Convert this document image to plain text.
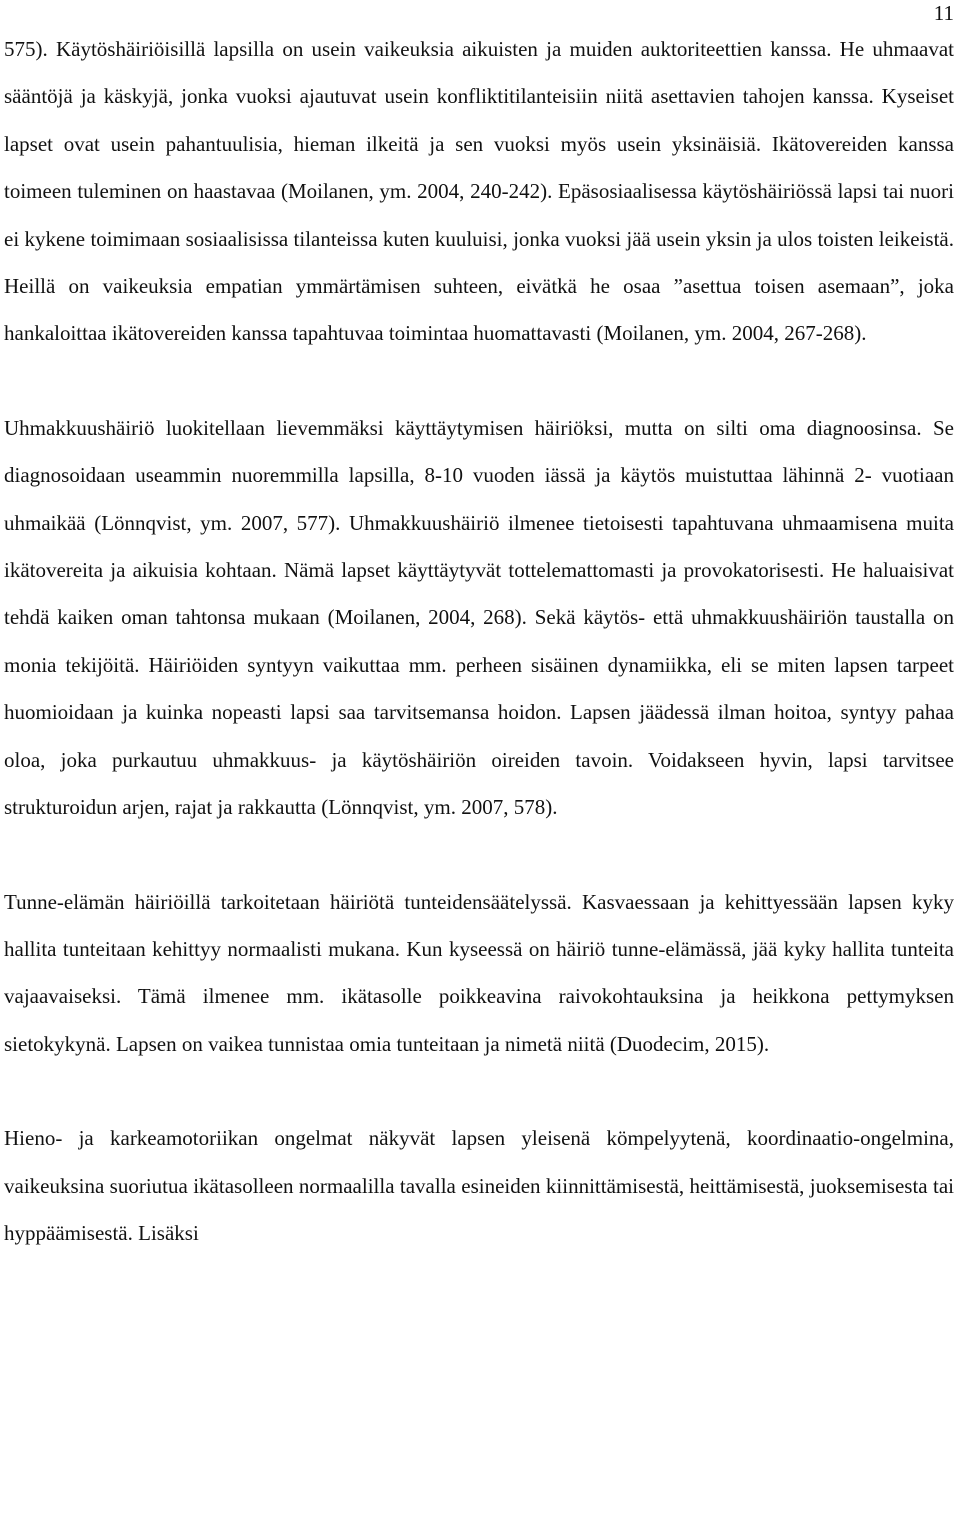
11

575). Käytöshäiriöisillä lapsilla on usein vaikeuksia aikuisten ja muiden auktoriteettien kanssa. He uhmaavat sääntöjä ja käskyjä, jonka vuoksi ajautuvat usein konfliktitilanteisiin niitä asettavien tahojen kanssa. Kyseiset lapset ovat usein pahantuulisia, hieman ilkeitä ja sen vuoksi myös usein yksinäisiä. Ikätovereiden kanssa toimeen tuleminen on haastavaa (Moilanen, ym. 2004, 240-242). Epäsosiaalisessa käytöshäiriössä lapsi tai nuori ei kykene toimimaan sosiaalisissa tilanteissa kuten kuuluisi, jonka vuoksi jää usein yksin ja ulos toisten leikeistä. Heillä on vaikeuksia empatian ymmärtämisen suhteen, eivätkä he osaa ”asettua toisen asemaan”, joka hankaloittaa ikätovereiden kanssa tapahtuvaa toimintaa huomattavasti (Moilanen, ym. 2004, 267-268).

Uhmakkuushäiriö luokitellaan lievemmäksi käyttäytymisen häiriöksi, mutta on silti oma diagnoosinsa. Se diagnosoidaan useammin nuoremmilla lapsilla, 8-10 vuoden iässä ja käytös muistuttaa lähinnä 2- vuotiaan uhmaikää (Lönnqvist, ym. 2007, 577). Uhmakkuushäiriö ilmenee tietoisesti tapahtuvana uhmaamisena muita ikätovereita ja aikuisia kohtaan. Nämä lapset käyttäytyvät tottelemattomasti ja provokatorisesti. He haluaisivat tehdä kaiken oman tahtonsa mukaan (Moilanen, 2004, 268). Sekä käytös- että uhmakkuushäiriön taustalla on monia tekijöitä. Häiriöiden syntyyn vaikuttaa mm. perheen sisäinen dynamiikka, eli se miten lapsen tarpeet huomioidaan ja kuinka nopeasti lapsi saa tarvitsemansa hoidon. Lapsen jäädessä ilman hoitoa, syntyy pahaa oloa, joka purkautuu uhmakkuus- ja käytöshäiriön oireiden tavoin. Voidakseen hyvin, lapsi tarvitsee strukturoidun arjen, rajat ja rakkautta (Lönnqvist, ym. 2007, 578).

Tunne-elämän häiriöillä tarkoitetaan häiriötä tunteidensäätelyssä. Kasvaessaan ja kehittyessään lapsen kyky hallita tunteitaan kehittyy normaalisti mukana. Kun kyseessä on häiriö tunne-elämässä, jää kyky hallita tunteita vajaavaiseksi. Tämä ilmenee mm. ikätasolle poikkeavina raivokohtauksina ja heikkona pettymyksen sietokykynä. Lapsen on vaikea tunnistaa omia tunteitaan ja nimetä niitä (Duodecim, 2015).

Hieno- ja karkeamotoriikan ongelmat näkyvät lapsen yleisenä kömpelyytenä, koordinaatio-ongelmina, vaikeuksina suoriutua ikätasolleen normaalilla tavalla esineiden kiinnittämisestä, heittämisestä, juoksemisesta tai hyppäämisestä. Lisäksi
